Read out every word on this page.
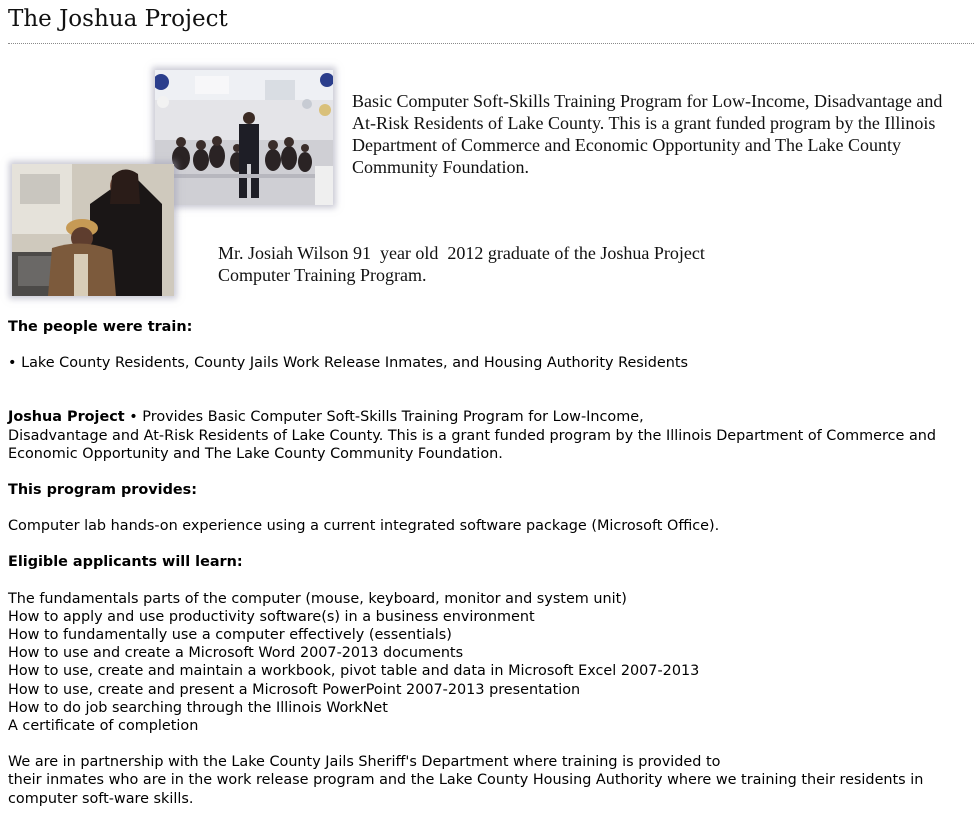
The Joshua Project

Basic Computer Soft-Skills Training Program for Low-Income, Disadvantage and At-Risk Residents of Lake County. This is a grant funded program by the Illinois Department of Commerce and Economic Opportunity and The Lake County Community Foundation.

Mr. Josiah Wilson 91  year old  2012 graduate of the Joshua Project
Computer Training Program.

The people were train:

• Lake County Residents, County Jails Work Release Inmates, and Housing Authority Residents

Joshua Project • Provides Basic Computer Soft-Skills Training Program for Low-Income,
Disadvantage and At-Risk Residents of Lake County. This is a grant funded program by the Illinois Department of Commerce and Economic Opportunity and The Lake County Community Foundation.

This program provides:

Computer lab hands-on experience using a current integrated software package (Microsoft Office).

Eligible applicants will learn:

The fundamentals parts of the computer (mouse, keyboard, monitor and system unit)
How to apply and use productivity software(s) in a business environment
How to fundamentally use a computer effectively (essentials)
How to use and create a Microsoft Word 2007-2013 documents
How to use, create and maintain a workbook, pivot table and data in Microsoft Excel 2007-2013
How to use, create and present a Microsoft PowerPoint 2007-2013 presentation
How to do job searching through the Illinois WorkNet
A certificate of completion

We are in partnership with the Lake County Jails Sheriff's Department where training is provided to
their inmates who are in the work release program and the Lake County Housing Authority where we training their residents in computer soft-ware skills.
